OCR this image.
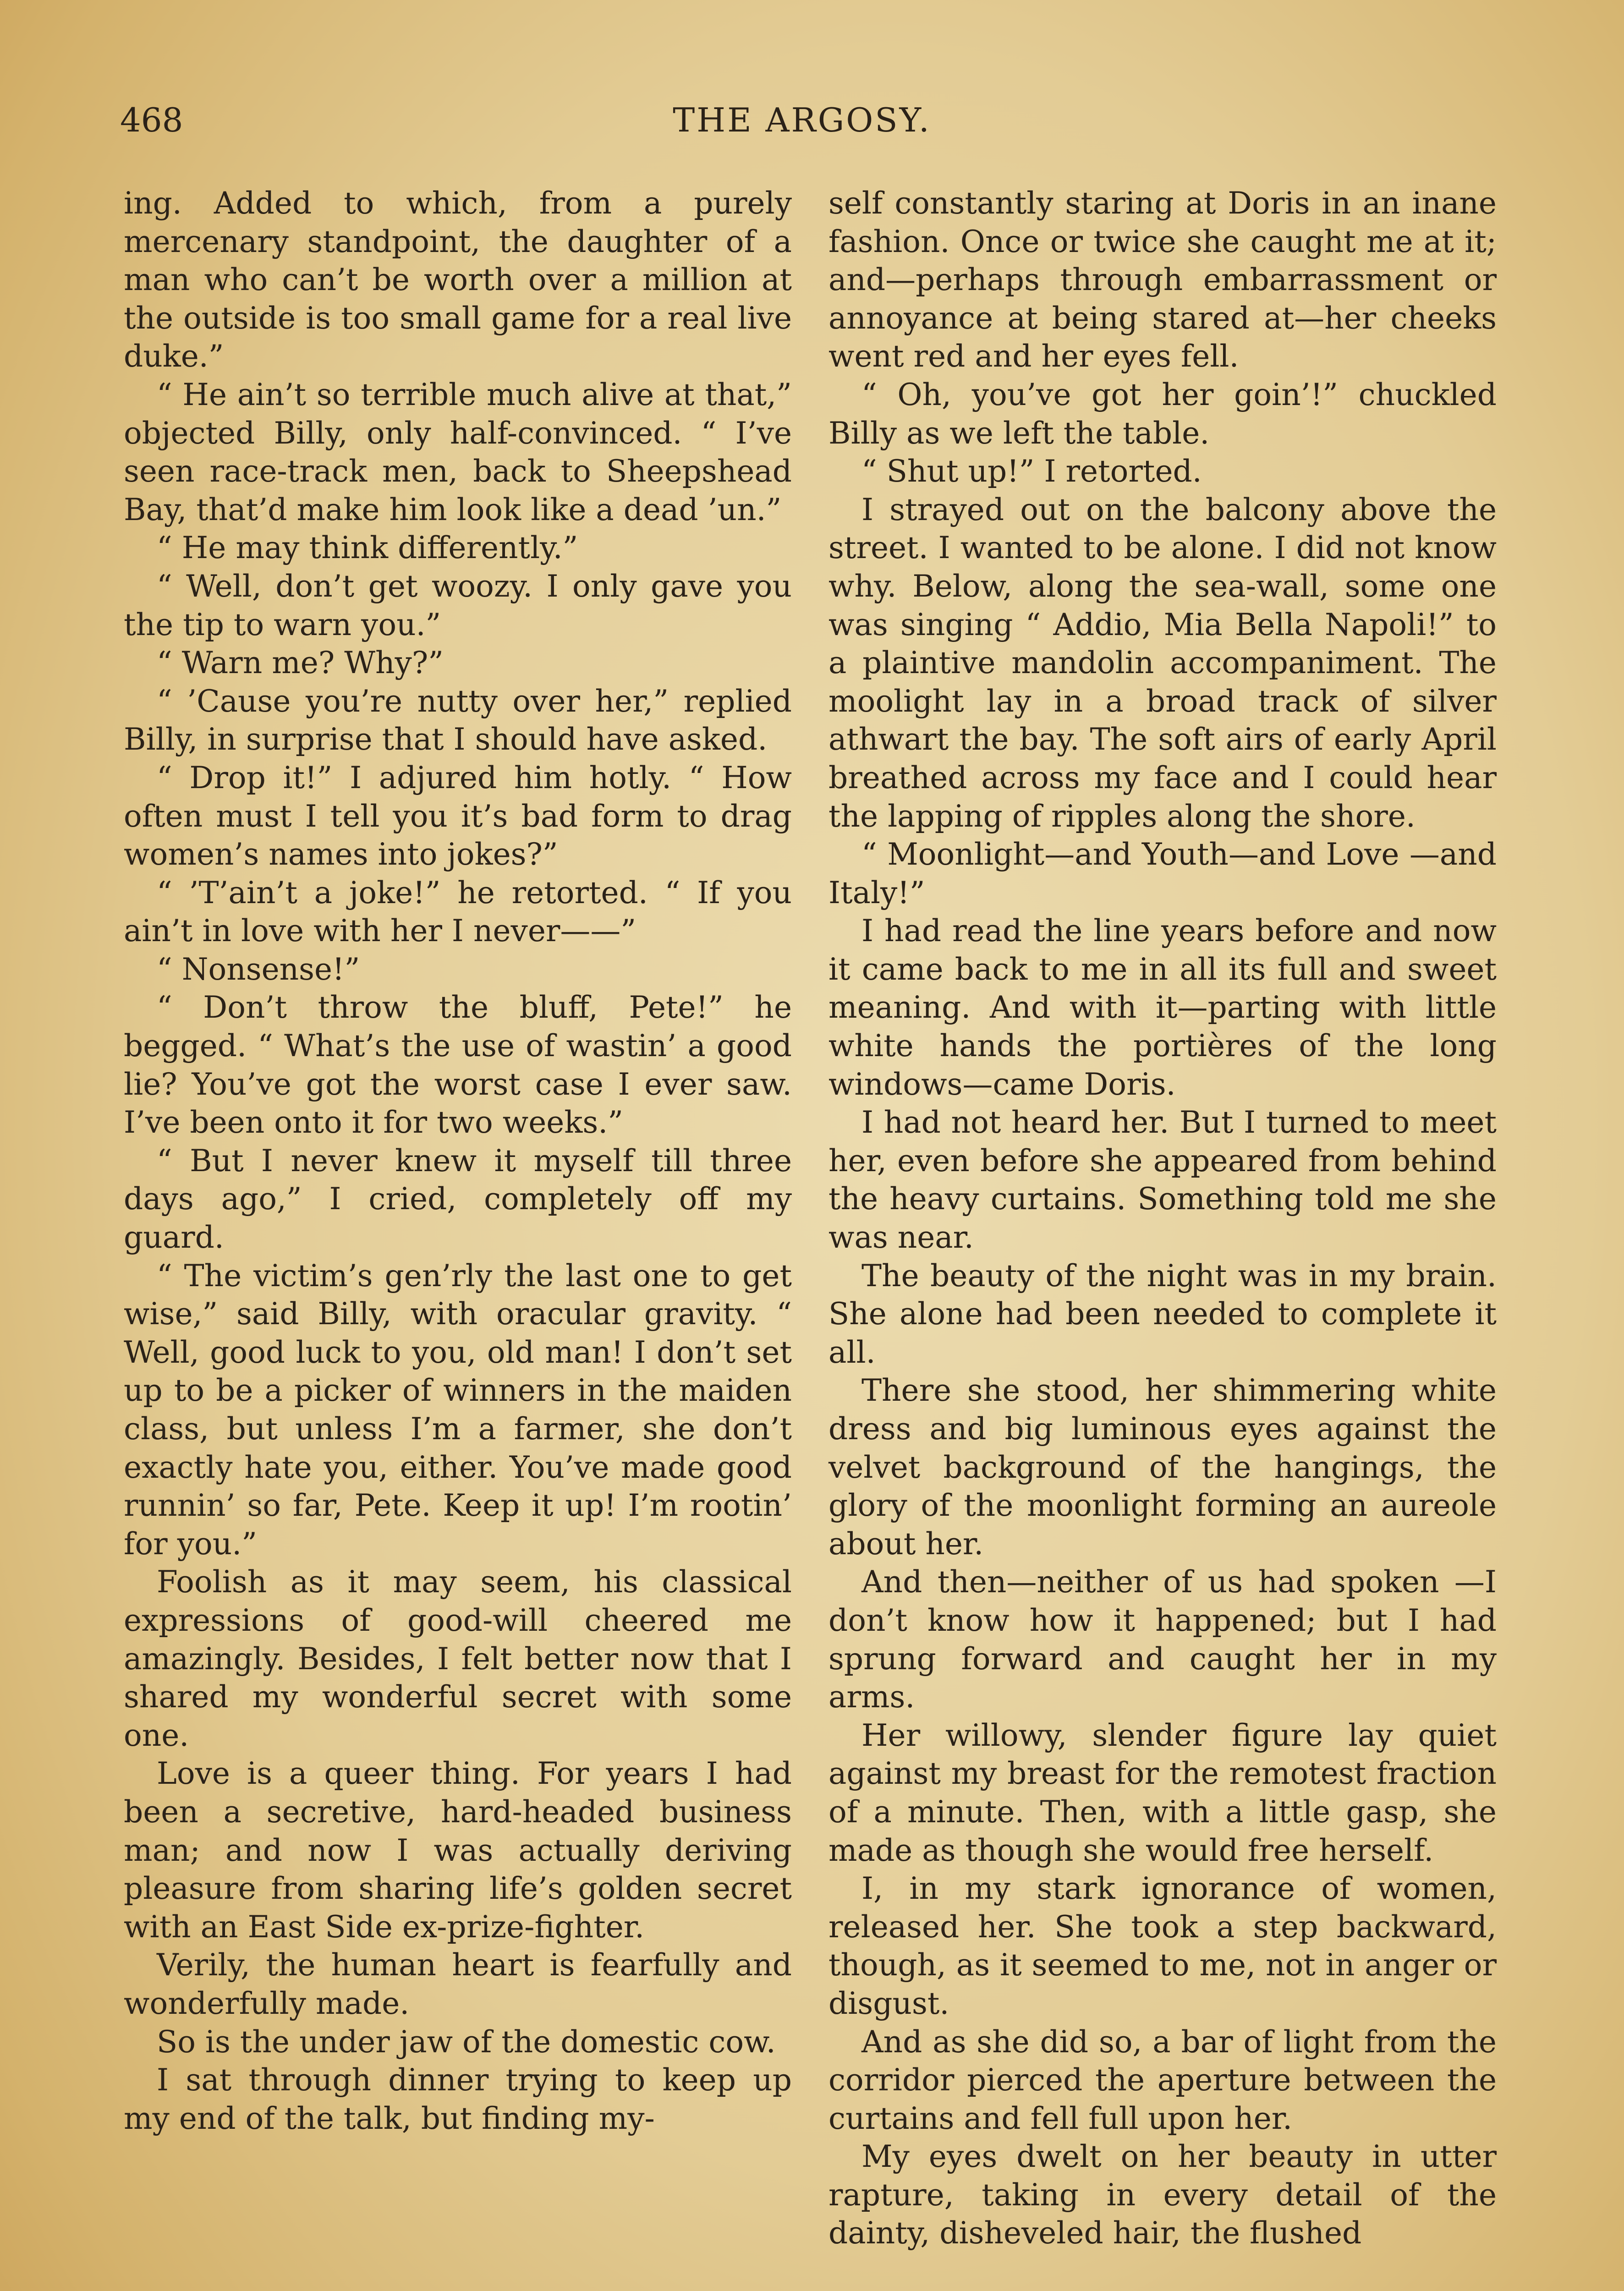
468	THE ARGOSY.

ing. Added to which, from a purely mercenary standpoint, the daughter of a man who can’t be worth over a million at the outside is too small game for a real live duke.”

“ He ain’t so terrible much alive at that,” objected Billy, only half-convinced. “ I’ve seen race-track men, back to Sheepshead Bay, that’d make him look like a dead ’un.”

“ He may think differently.”

“ Well, don’t get woozy. I only gave you the tip to warn you.”

“ Warn me? Why?”

“ ’Cause you’re nutty over her,” replied Billy, in surprise that I should have asked.

“ Drop it!” I adjured him hotly. “ How often must I tell you it’s bad form to drag women’s names into jokes?”

“ ’T’ain’t a joke!” he retorted. “ If you ain’t in love with her I never——”

“ Nonsense!”

“ Don’t throw the bluff, Pete!” he begged. “ What’s the use of wastin’ a good lie? You’ve got the worst case I ever saw. I’ve been onto it for two weeks.”

“ But I never knew it myself till three days ago,” I cried, completely off my guard.

“ The victim’s gen’rly the last one to get wise,” said Billy, with oracular gravity. “ Well, good luck to you, old man! I don’t set up to be a picker of winners in the maiden class, but unless I’m a farmer, she don’t exactly hate you, either. You’ve made good runnin’ so far, Pete. Keep it up! I’m rootin’ for you.”

Foolish as it may seem, his classical expressions of good-will cheered me amazingly. Besides, I felt better now that I shared my wonderful secret with some one.

Love is a queer thing. For years I had been a secretive, hard-headed business man; and now I was actually deriving pleasure from sharing life’s golden secret with an East Side ex-prize-fighter.

Verily, the human heart is fearfully and wonderfully made.

So is the under jaw of the domestic cow.

I sat through dinner trying to keep up my end of the talk, but finding my-

self constantly staring at Doris in an inane fashion. Once or twice she caught me at it; and—perhaps through embarrassment or annoyance at being stared at—her cheeks went red and her eyes fell.

“ Oh, you’ve got her goin’!” chuckled Billy as we left the table.

“ Shut up!” I retorted.

I strayed out on the balcony above the street. I wanted to be alone. I did not know why. Below, along the sea-wall, some one was singing “ Addio, Mia Bella Napoli!” to a plaintive mandolin accompaniment. The moolight lay in a broad track of silver athwart the bay. The soft airs of early April breathed across my face and I could hear the lapping of ripples along the shore.

“ Moonlight—and Youth—and Love —and Italy!”

I had read the line years before and now it came back to me in all its full and sweet meaning. And with it—parting with little white hands the portières of the long windows—came Doris.

I had not heard her. But I turned to meet her, even before she appeared from behind the heavy curtains. Something told me she was near.

The beauty of the night was in my brain. She alone had been needed to complete it all.

There she stood, her shimmering white dress and big luminous eyes against the velvet background of the hangings, the glory of the moonlight forming an aureole about her.

And then—neither of us had spoken —I don’t know how it happened; but I had sprung forward and caught her in my arms.

Her willowy, slender figure lay quiet against my breast for the remotest fraction of a minute. Then, with a little gasp, she made as though she would free herself.

I, in my stark ignorance of women, released her. She took a step backward, though, as it seemed to me, not in anger or disgust.

And as she did so, a bar of light from the corridor pierced the aperture between the curtains and fell full upon her.

My eyes dwelt on her beauty in utter rapture, taking in every detail of the dainty, disheveled hair, the flushed
